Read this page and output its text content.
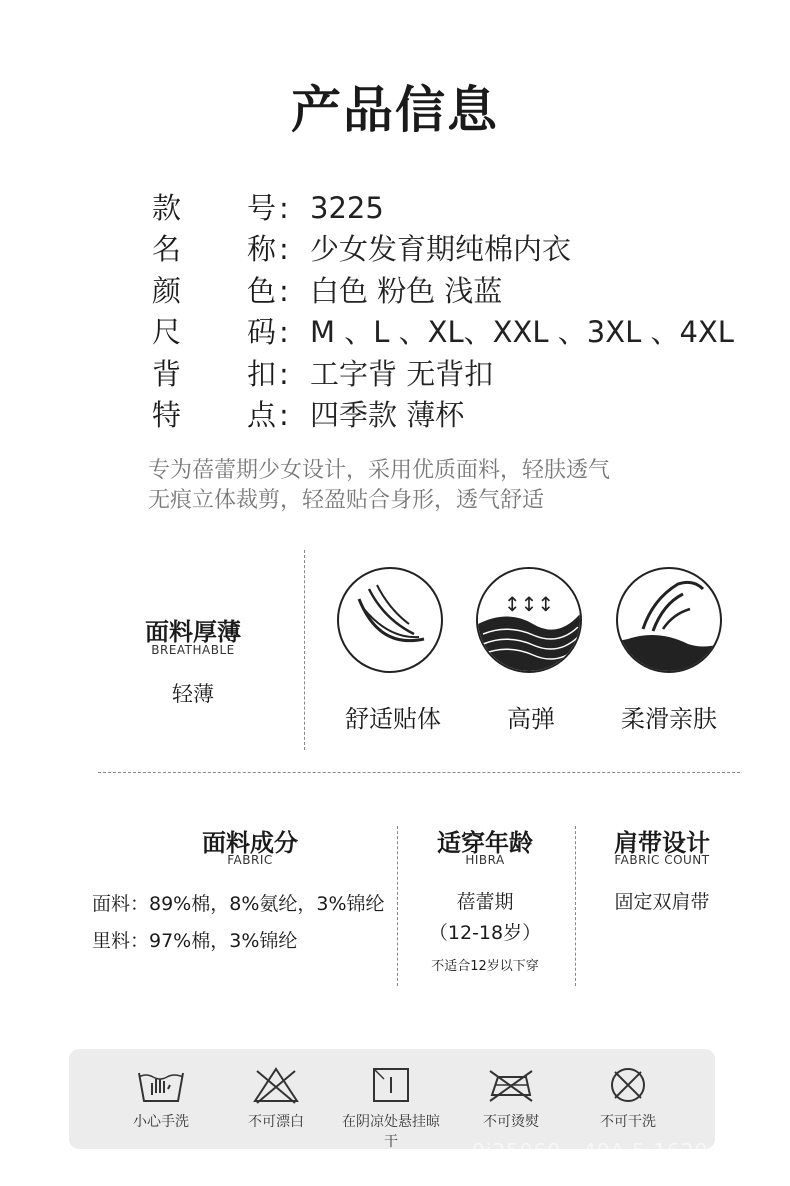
产品信息
款 号 : 3225
名 称 : 少女发育期纯棉内衣
颜 色 : 白色 粉色 浅蓝
尺 码 : M 、L 、XL、XXL 、3XL 、4XL
背 扣 : 工字背 无背扣
特 点 : 四季款 薄杯
专为蓓蕾期少女设计，采用优质面料，轻肤透气
无痕立体裁剪，轻盈贴合身形，透气舒适
面料厚薄
BREATHABLE
轻薄
↕↕↕
舒适贴体	高弹	柔滑亲肤
面料成分
FABRIC
面料：89%棉，8%氨纶，3%锦纶
里料：97%棉，3%锦纶
适穿年龄
HIBRA
蓓蕾期
（12-18岁）
不适合12岁以下穿
肩带设计
FABRIC COUNT
固定双肩带
小心手洗	不可漂白	在阴凉处悬挂晾干
不可烫熨	不可干洗
...0i25060...40A.5.1620...
